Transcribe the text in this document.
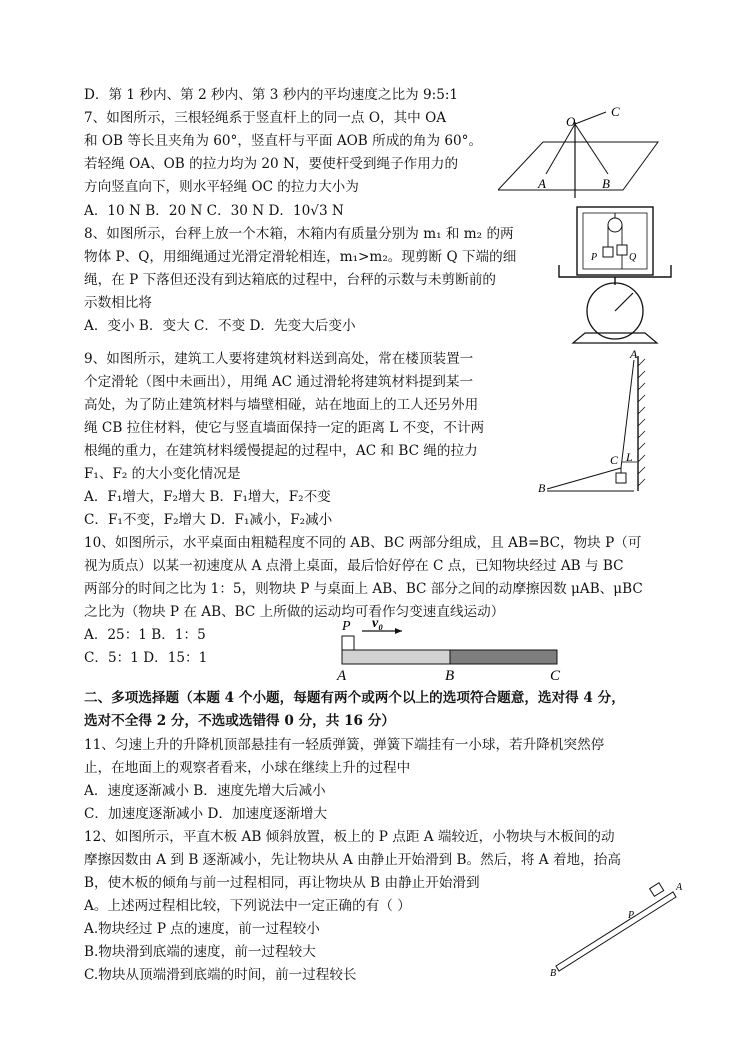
D．第 1 秒内、第 2 秒内、第 3 秒内的平均速度之比为 9:5:1
7、如图所示，三根轻绳系于竖直杆上的同一点 O，其中 OA
和 OB 等长且夹角为 60°，竖直杆与平面 AOB 所成的角为 60°。
若轻绳 OA、OB 的拉力均为 20 N，要使杆受到绳子作用力的
方向竖直向下，则水平轻绳 OC 的拉力大小为
A．10 N B．20 N C．30 N D．10√3 N
8、如图所示，台秤上放一个木箱，木箱内有质量分别为 m₁ 和 m₂ 的两
物体 P、Q，用细绳通过光滑定滑轮相连，m₁>m₂。现剪断 Q 下端的细
绳，在 P 下落但还没有到达箱底的过程中，台秤的示数与未剪断前的
示数相比将
A．变小 B．变大 C．不变 D．先变大后变小
9、如图所示，建筑工人要将建筑材料送到高处，常在楼顶装置一
个定滑轮（图中未画出），用绳 AC 通过滑轮将建筑材料提到某一
高处，为了防止建筑材料与墙壁相碰，站在地面上的工人还另外用
绳 CB 拉住材料，使它与竖直墙面保持一定的距离 L 不变，不计两
根绳的重力，在建筑材料缓慢提起的过程中，AC 和 BC 绳的拉力
F₁、F₂ 的大小变化情况是
A．F₁增大，F₂增大 B．F₁增大，F₂不变
C．F₁不变，F₂增大 D．F₁减小，F₂减小
10、如图所示，水平桌面由粗糙程度不同的 AB、BC 两部分组成，且 AB=BC，物块 P（可
视为质点）以某一初速度从 A 点滑上桌面，最后恰好停在 C 点，已知物块经过 AB 与 BC
两部分的时间之比为 1：5，则物块 P 与桌面上 AB、BC 部分之间的动摩擦因数 μAB、μBC
之比为（物块 P 在 AB、BC 上所做的运动均可看作匀变速直线运动）
A．25：1 B．1：5
C．5：1 D．15：1
二、多项选择题（本题 4 个小题，每题有两个或两个以上的选项符合题意，选对得 4 分，
选对不全得 2 分，不选或选错得 0 分，共 16 分）
11、匀速上升的升降机顶部悬挂有一轻质弹簧，弹簧下端挂有一小球，若升降机突然停
止，在地面上的观察者看来，小球在继续上升的过程中
A．速度逐渐减小 B．速度先增大后减小
C．加速度逐渐减小 D．加速度逐渐增大
12、如图所示，平直木板 AB 倾斜放置，板上的 P 点距 A 端较近，小物块与木板间的动
摩擦因数由 A 到 B 逐渐减小，先让物块从 A 由静止开始滑到 B。然后，将 A 着地，抬高
B，使木板的倾角与前一过程相同，再让物块从 B 由静止开始滑到
A。上述两过程相比较，下列说法中一定正确的有（ ）
A.物块经过 P 点的速度，前一过程较小
B.物块滑到底端的速度，前一过程较大
C.物块从顶端滑到底端的时间，前一过程较长
O
C
A	B
P	Q
A
C L
B
P v₀
A	B	C
A
P
B
